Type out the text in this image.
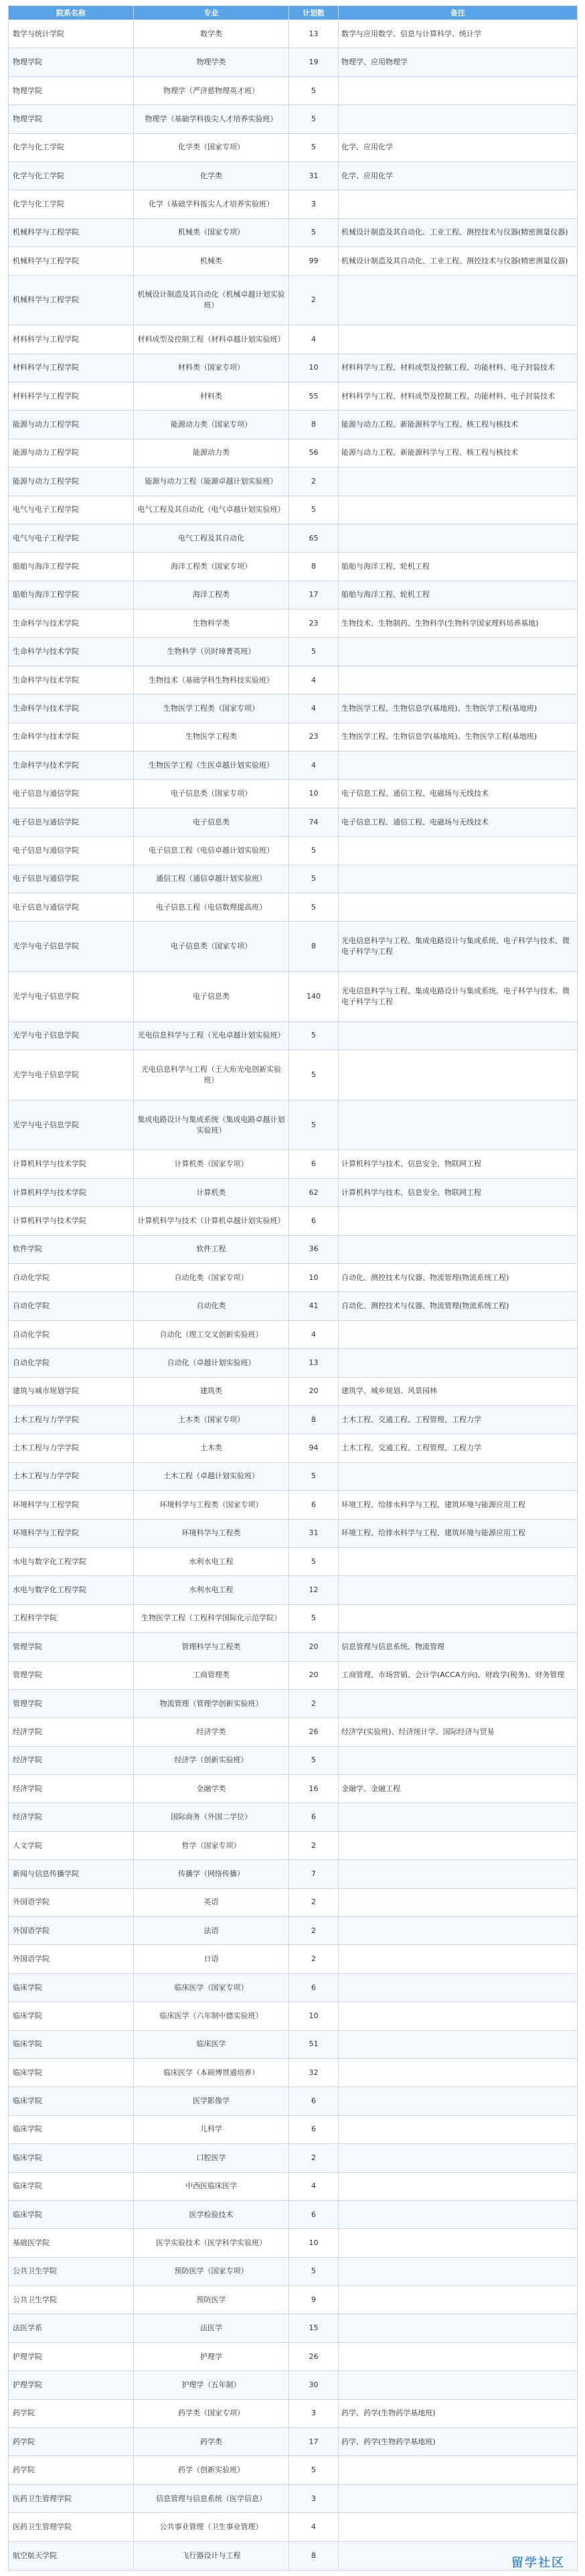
院系名称	专业	计划数	备注
数学与统计学院	数学类	13	数学与应用数学、信息与计算科学、统计学
物理学院	物理学类	19	物理学、应用物理学
物理学院	物理学（严济慈物理英才班）	5	
物理学院	物理学（基础学科拔尖人才培养实验班）	5	
化学与化工学院	化学类（国家专项）	5	化学、应用化学
化学与化工学院	化学类	31	化学、应用化学
化学与化工学院	化学（基础学科拔尖人才培养实验班）	3	
机械科学与工程学院	机械类（国家专项）	5	机械设计制造及其自动化、工业工程、测控技术与仪器(精密测量仪器)
机械科学与工程学院	机械类	99	机械设计制造及其自动化、工业工程、测控技术与仪器(精密测量仪器)
机械科学与工程学院	机械设计制造及其自动化（机械卓越计划实验班）	2	
材料科学与工程学院	材料成型及控制工程（材料卓越计划实验班）	4	
材料科学与工程学院	材料类（国家专项）	10	材料科学与工程、材料成型及控制工程、功能材料、电子封装技术
材料科学与工程学院	材料类	55	材料科学与工程、材料成型及控制工程、功能材料、电子封装技术
能源与动力工程学院	能源动力类（国家专项）	8	能源与动力工程、新能源科学与工程、核工程与核技术
能源与动力工程学院	能源动力类	56	能源与动力工程、新能源科学与工程、核工程与核技术
能源与动力工程学院	能源与动力工程（能源卓越计划实验班）	2	
电气与电子工程学院	电气工程及其自动化（电气卓越计划实验班）	5	
电气与电子工程学院	电气工程及其自动化	65	
船舶与海洋工程学院	海洋工程类（国家专项）	8	船舶与海洋工程、轮机工程
船舶与海洋工程学院	海洋工程类	17	船舶与海洋工程、轮机工程
生命科学与技术学院	生物科学类	23	生物技术、生物制药、生物科学(生物科学国家理科培养基地)
生命科学与技术学院	生物科学（贝时璋菁英班）	5	
生命科学与技术学院	生物技术（基础学科生物科技实验班）	4	
生命科学与技术学院	生物医学工程类（国家专项）	4	生物医学工程、生物信息学(基地班)、生物医学工程(基地班)
生命科学与技术学院	生物医学工程类	23	生物医学工程、生物信息学(基地班)、生物医学工程(基地班)
生命科学与技术学院	生物医学工程（生医卓越计划实验班）	4	
电子信息与通信学院	电子信息类（国家专项）	10	电子信息工程、通信工程、电磁场与无线技术
电子信息与通信学院	电子信息类	74	电子信息工程、通信工程、电磁场与无线技术
电子信息与通信学院	电子信息工程（电信卓越计划实验班）	5	
电子信息与通信学院	通信工程（通信卓越计划实验班）	5	
电子信息与通信学院	电子信息工程（电信数理提高班）	5	
光学与电子信息学院	电子信息类（国家专项）	8	光电信息科学与工程、集成电路设计与集成系统、电子科学与技术、微电子科学与工程
光学与电子信息学院	电子信息类	140	光电信息科学与工程、集成电路设计与集成系统、电子科学与技术、微电子科学与工程
光学与电子信息学院	光电信息科学与工程（光电卓越计划实验班）	5	
光学与电子信息学院	光电信息科学与工程（王大珩光电创新实验班）	5	
光学与电子信息学院	集成电路设计与集成系统（集成电路卓越计划实验班）	5	
计算机科学与技术学院	计算机类（国家专项）	6	计算机科学与技术、信息安全、物联网工程
计算机科学与技术学院	计算机类	62	计算机科学与技术、信息安全、物联网工程
计算机科学与技术学院	计算机科学与技术（计算机卓越计划实验班）	6	
软件学院	软件工程	36	
自动化学院	自动化类（国家专项）	10	自动化、测控技术与仪器、物流管理(物流系统工程)
自动化学院	自动化类	41	自动化、测控技术与仪器、物流管理(物流系统工程)
自动化学院	自动化（理工交叉创新实验班）	4	
自动化学院	自动化（卓越计划实验班）	13	
建筑与城市规划学院	建筑类	20	建筑学、城乡规划、风景园林
土木工程与力学学院	土木类（国家专项）	8	土木工程、交通工程、工程管理、工程力学
土木工程与力学学院	土木类	94	土木工程、交通工程、工程管理、工程力学
土木工程与力学学院	土木工程（卓越计划实验班）	5	
环境科学与工程学院	环境科学与工程类（国家专项）	6	环境工程、给排水科学与工程、建筑环境与能源应用工程
环境科学与工程学院	环境科学与工程类	31	环境工程、给排水科学与工程、建筑环境与能源应用工程
水电与数字化工程学院	水利水电工程	5	
水电与数字化工程学院	水利水电工程	12	
工程科学学院	生物医学工程（工程科学国际化示范学院）	5	
管理学院	管理科学与工程类	20	信息管理与信息系统、物流管理
管理学院	工商管理类	20	工商管理、市场营销、会计学(ACCA方向)、财政学(税务)、财务管理
管理学院	物流管理（管理学创新实验班）	2	
经济学院	经济学类	26	经济学(实验班)、经济统计学、国际经济与贸易
经济学院	经济学（创新实验班）	5	
经济学院	金融学类	16	金融学、金融工程
经济学院	国际商务（外国二学位）	6	
人文学院	哲学（国家专项）	2	
新闻与信息传播学院	传播学（网络传播）	7	
外国语学院	英语	2	
外国语学院	法语	2	
外国语学院	日语	2	
临床学院	临床医学（国家专项）	6	
临床学院	临床医学（六年制中德实验班）	10	
临床学院	临床医学	51	
临床学院	临床医学（本硕博贯通培养）	32	
临床学院	医学影像学	6	
临床学院	儿科学	6	
临床学院	口腔医学	2	
临床学院	中西医临床医学	4	
临床学院	医学检验技术	6	
基础医学院	医学实验技术（医学科学实验班）	10	
公共卫生学院	预防医学（国家专项）	5	
公共卫生学院	预防医学	9	
法医学系	法医学	15	
护理学院	护理学	26	
护理学院	护理学（五年制）	30	
药学院	药学类（国家专项）	3	药学、药学(生物药学基地班)
药学院	药学类	17	药学、药学(生物药学基地班)
药学院	药学（创新实验班）	5	
医药卫生管理学院	信息管理与信息系统（医学信息）	3	
医药卫生管理学院	公共事业管理（卫生事业管理）	4	
航空航天学院	飞行器设计与工程	8	
留学社区
